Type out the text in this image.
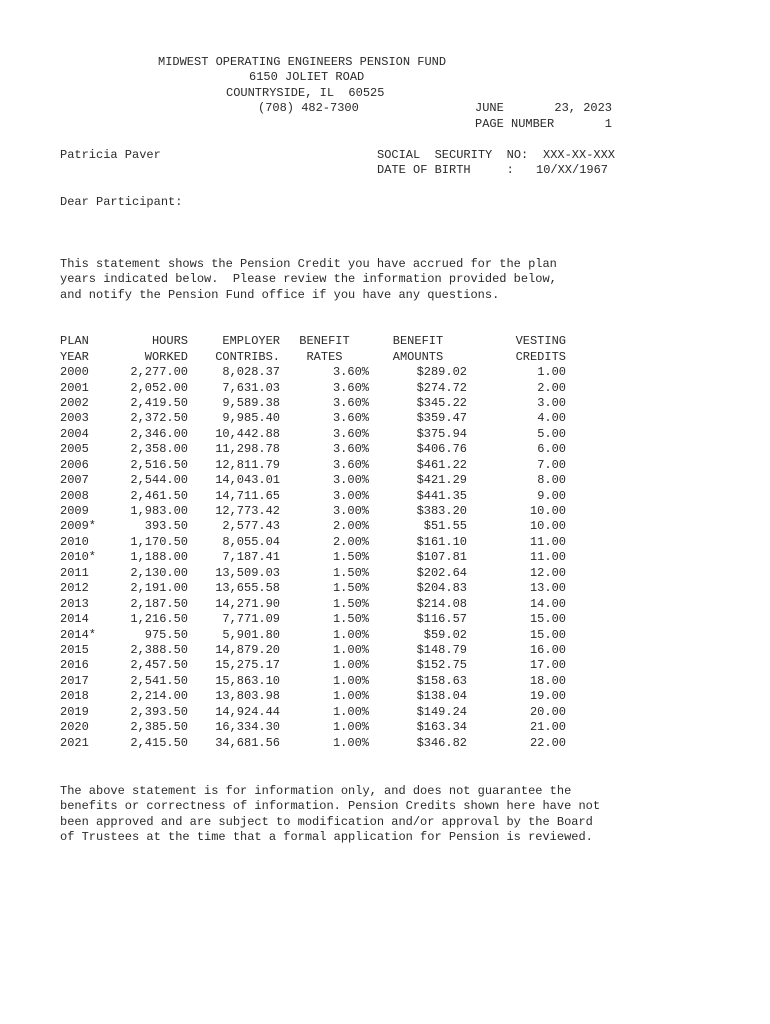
MIDWEST OPERATING ENGINEERS PENSION FUND
6150 JOLIET ROAD
COUNTRYSIDE, IL  60525
(708) 482-7300	JUNE	23, 2023
PAGE NUMBER	1
Patricia Paver	SOCIAL  SECURITY  NO: XXX-XX-XXX
DATE OF BIRTH     : 10/XX/1967
Dear Participant:
This statement shows the Pension Credit you have accrued for the plan
years indicated below.  Please review the information provided below,
and notify the Pension Fund office if you have any questions.
PLAN	HOURS	EMPLOYER	BENEFIT	BENEFIT	VESTING
YEAR	WORKED	CONTRIBS.	RATES	AMOUNTS	CREDITS
2000	2,277.00	8,028.37	3.60%	$289.02	1.00
2001	2,052.00	7,631.03	3.60%	$274.72	2.00
2002	2,419.50	9,589.38	3.60%	$345.22	3.00
2003	2,372.50	9,985.40	3.60%	$359.47	4.00
2004	2,346.00	10,442.88	3.60%	$375.94	5.00
2005	2,358.00	11,298.78	3.60%	$406.76	6.00
2006	2,516.50	12,811.79	3.60%	$461.22	7.00
2007	2,544.00	14,043.01	3.00%	$421.29	8.00
2008	2,461.50	14,711.65	3.00%	$441.35	9.00
2009	1,983.00	12,773.42	3.00%	$383.20	10.00
2009*	393.50	2,577.43	2.00%	$51.55	10.00
2010	1,170.50	8,055.04	2.00%	$161.10	11.00
2010*	1,188.00	7,187.41	1.50%	$107.81	11.00
2011	2,130.00	13,509.03	1.50%	$202.64	12.00
2012	2,191.00	13,655.58	1.50%	$204.83	13.00
2013	2,187.50	14,271.90	1.50%	$214.08	14.00
2014	1,216.50	7,771.09	1.50%	$116.57	15.00
2014*	975.50	5,901.80	1.00%	$59.02	15.00
2015	2,388.50	14,879.20	1.00%	$148.79	16.00
2016	2,457.50	15,275.17	1.00%	$152.75	17.00
2017	2,541.50	15,863.10	1.00%	$158.63	18.00
2018	2,214.00	13,803.98	1.00%	$138.04	19.00
2019	2,393.50	14,924.44	1.00%	$149.24	20.00
2020	2,385.50	16,334.30	1.00%	$163.34	21.00
2021	2,415.50	34,681.56	1.00%	$346.82	22.00
The above statement is for information only, and does not guarantee the
benefits or correctness of information. Pension Credits shown here have not
been approved and are subject to modification and/or approval by the Board
of Trustees at the time that a formal application for Pension is reviewed.
